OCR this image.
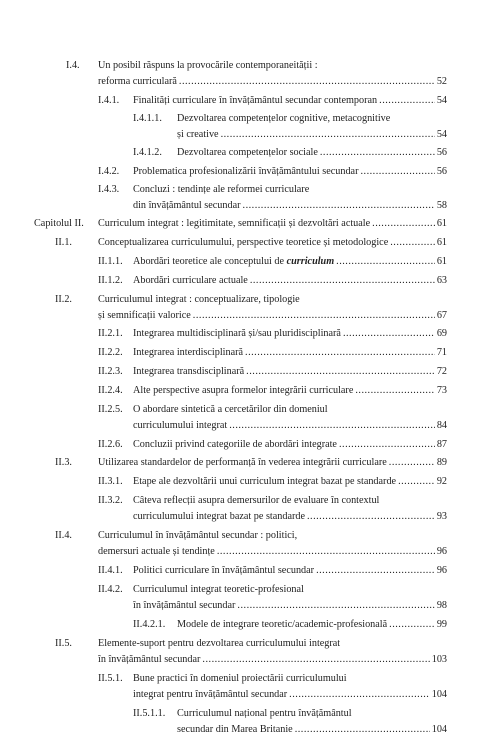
I.4. Un posibil răspuns la provocările contemporaneității :
reforma curriculară .....	52
I.4.1. Finalități curriculare în învățământul secundar contemporan .....	54
I.4.1.1. Dezvoltarea competențelor cognitive, metacognitive
și creative .....	54
I.4.1.2. Dezvoltarea competențelor sociale .....	56
I.4.2. Problematica profesionalizării învățământului secundar .....	56
I.4.3. Concluzi : tendințe ale reformei curriculare
din învățământul secundar .....	58
Capitolul II. Curriculum integrat : legitimitate, semnificații și dezvoltări actuale .....	61
II.1.	Conceptualizarea curriculumului, perspective teoretice și metodologice .....	61
II.1.1. Abordări teoretice ale conceptului de curriculum .....	61
II.1.2. Abordări curriculare actuale .....	63
II.2.	Curriculumul integrat : conceptualizare, tipologie
și semnificații valorice .....	67
II.2.1. Integrarea multidisciplinară și/sau pluridisciplinară .....	69
II.2.2. Integrarea interdisciplinară .....	71
II.2.3. Integrarea transdisciplinară .....	72
II.2.4. Alte perspective asupra formelor integrării curriculare .....	73
II.2.5. O abordare sintetică a cercetărilor din domeniul
curriculumului integrat .....	84
II.2.6. Concluzii privind categoriile de abordări integrate .....	87
II.3.	Utilizarea standardelor de performanță în vederea integrării curriculare .....	89
II.3.1. Etape ale dezvoltării unui curriculum integrat bazat pe standarde .....	92
II.3.2. Câteva reflecții asupra demersurilor de evaluare în contextul
curriculumului integrat bazat pe standarde .....	93
II.4.	Curriculumul în învățământul secundar : politici,
demersuri actuale și tendințe .....	96
II.4.1. Politici curriculare în învățământul secundar .....	96
II.4.2. Curriculumul integrat teoretic-profesional
în învățământul secundar .....	98
II.4.2.1. Modele de integrare teoretic/academic-profesională .....	99
II.5.	Elemente-suport pentru dezvoltarea curriculumului integrat
în învățământul secundar .....	103
II.5.1. Bune practici în domeniul proiectării curriculumului
integrat pentru învățământul secundar .....	104
II.5.1.1. Curriculumul național pentru învățământul
secundar din Marea Britanie .....	104
